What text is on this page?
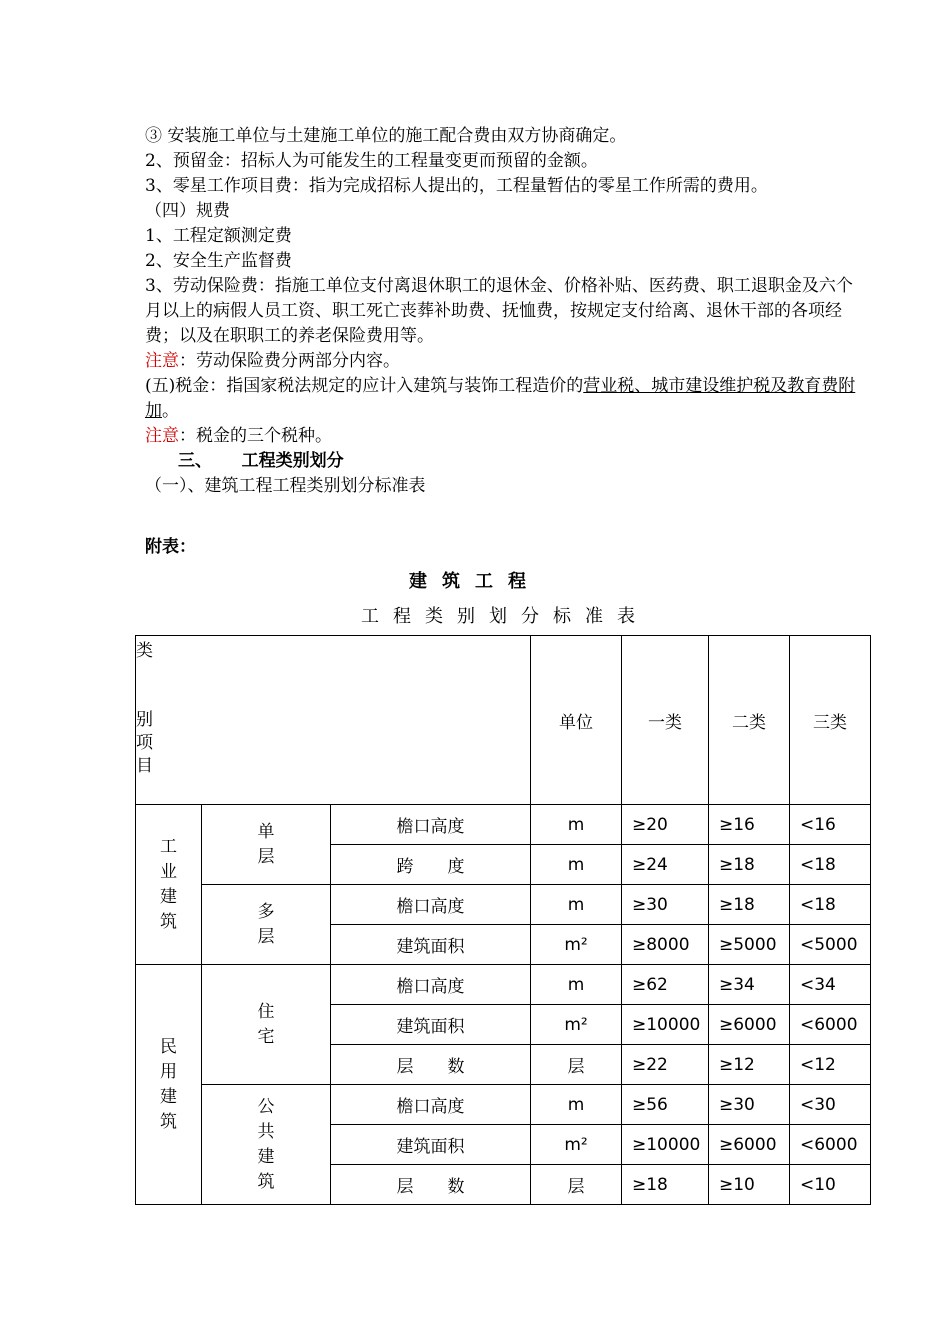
③ 安装施工单位与土建施工单位的施工配合费由双方协商确定。

2、预留金：招标人为可能发生的工程量变更而预留的金额。

3、零星工作项目费：指为完成招标人提出的，工程量暂估的零星工作所需的费用。

（四）规费

1、工程定额测定费

2、安全生产监督费

3、劳动保险费：指施工单位支付离退休职工的退休金、价格补贴、医药费、职工退职金及六个月以上的病假人员工资、职工死亡丧葬补助费、抚恤费，按规定支付给离、退休干部的各项经费；以及在职职工的养老保险费用等。

注意：劳动保险费分两部分内容。

(五)税金：指国家税法规定的应计入建筑与装饰工程造价的营业税、城市建设维护税及教育费附加。

注意：税金的三个税种。

三、     工程类别划分

（一）、建筑工程工程类别划分标准表

附表：

建筑工程
工程类别划分标准表
类
别
项
目			单位	一类	二类	三类

工业建筑	单层	檐口高度	m	≥20	≥16	<16
		跨　　度	m	≥24	≥18	<18

	多层	檐口高度	m	≥30	≥18	<18
		建筑面积	m²	≥8000	≥5000	<5000

民用建筑	住宅	檐口高度	m	≥62	≥34	<34
		建筑面积	m²	≥10000	≥6000	<6000
		层　　数	层	≥22	≥12	<12

	公共建筑	檐口高度	m	≥56	≥30	<30
		建筑面积	m²	≥10000	≥6000	<6000
		层　　数	层	≥18	≥10	<10
